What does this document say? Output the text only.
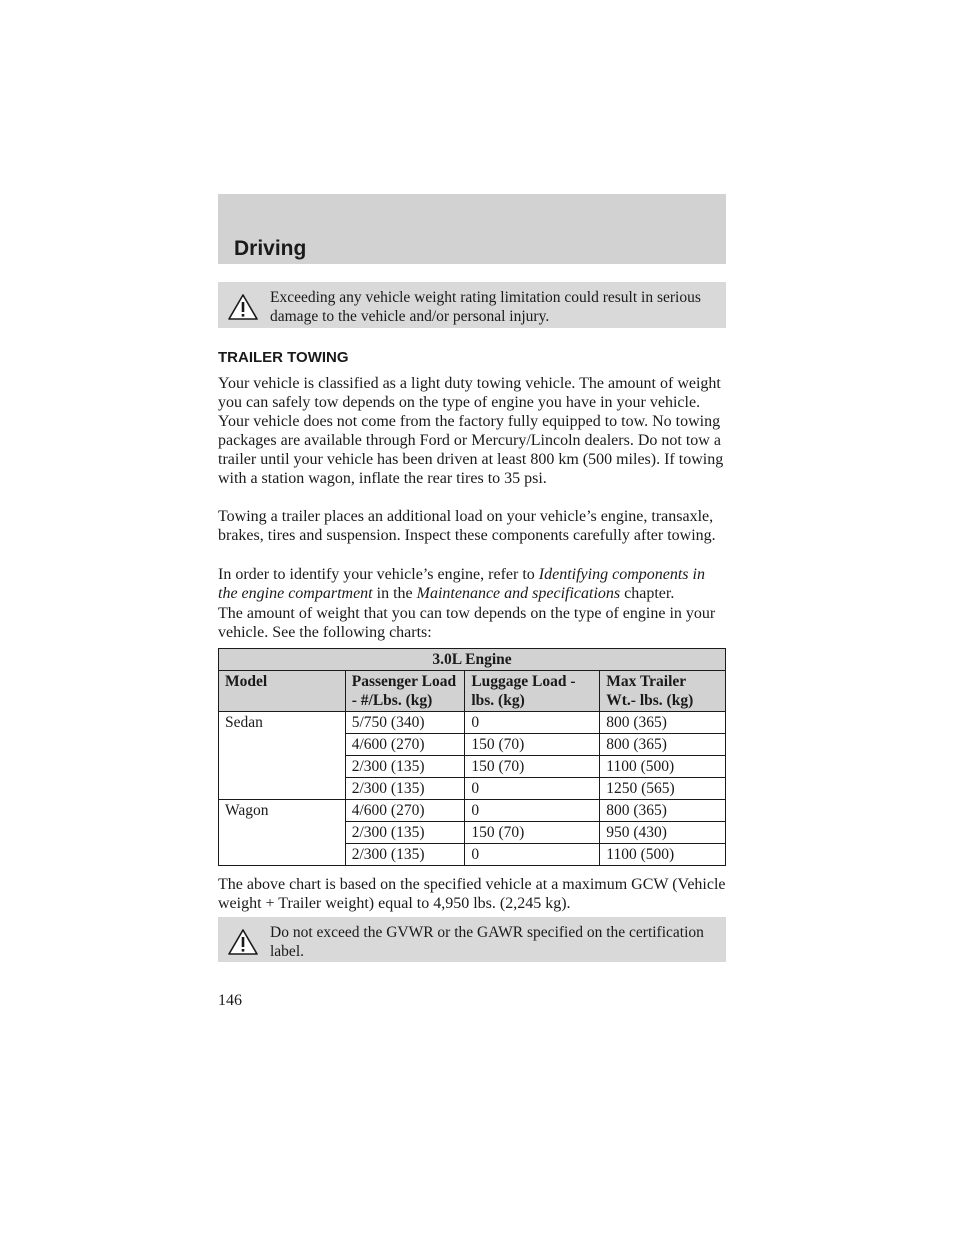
Driving
Exceeding any vehicle weight rating limitation could result in serious damage to the vehicle and/or personal injury.
TRAILER TOWING

Your vehicle is classified as a light duty towing vehicle. The amount of weight you can safely tow depends on the type of engine you have in your vehicle. Your vehicle does not come from the factory fully equipped to tow. No towing packages are available through Ford or Mercury/Lincoln dealers. Do not tow a trailer until your vehicle has been driven at least 800 km (500 miles). If towing with a station wagon, inflate the rear tires to 35 psi.

Towing a trailer places an additional load on your vehicle’s engine, transaxle, brakes, tires and suspension. Inspect these components carefully after towing.

In order to identify your vehicle’s engine, refer to Identifying components in the engine compartment in the Maintenance and specifications chapter.

The amount of weight that you can tow depends on the type of engine in your vehicle. See the following charts:

3.0L Engine			
Model	Passenger Load - #/Lbs. (kg)	Luggage Load - lbs. (kg)	Max Trailer Wt.- lbs. (kg)
Sedan	5/750 (340)	0	800 (365)
	4/600 (270)	150 (70)	800 (365)
	2/300 (135)	150 (70)	1100 (500)
	2/300 (135)	0	1250 (565)
Wagon	4/600 (270)	0	800 (365)
	2/300 (135)	150 (70)	950 (430)
	2/300 (135)	0	1100 (500)

The above chart is based on the specified vehicle at a maximum GCW (Vehicle weight + Trailer weight) equal to 4,950 lbs. (2,245 kg).

Do not exceed the GVWR or the GAWR specified on the certification label.
146
